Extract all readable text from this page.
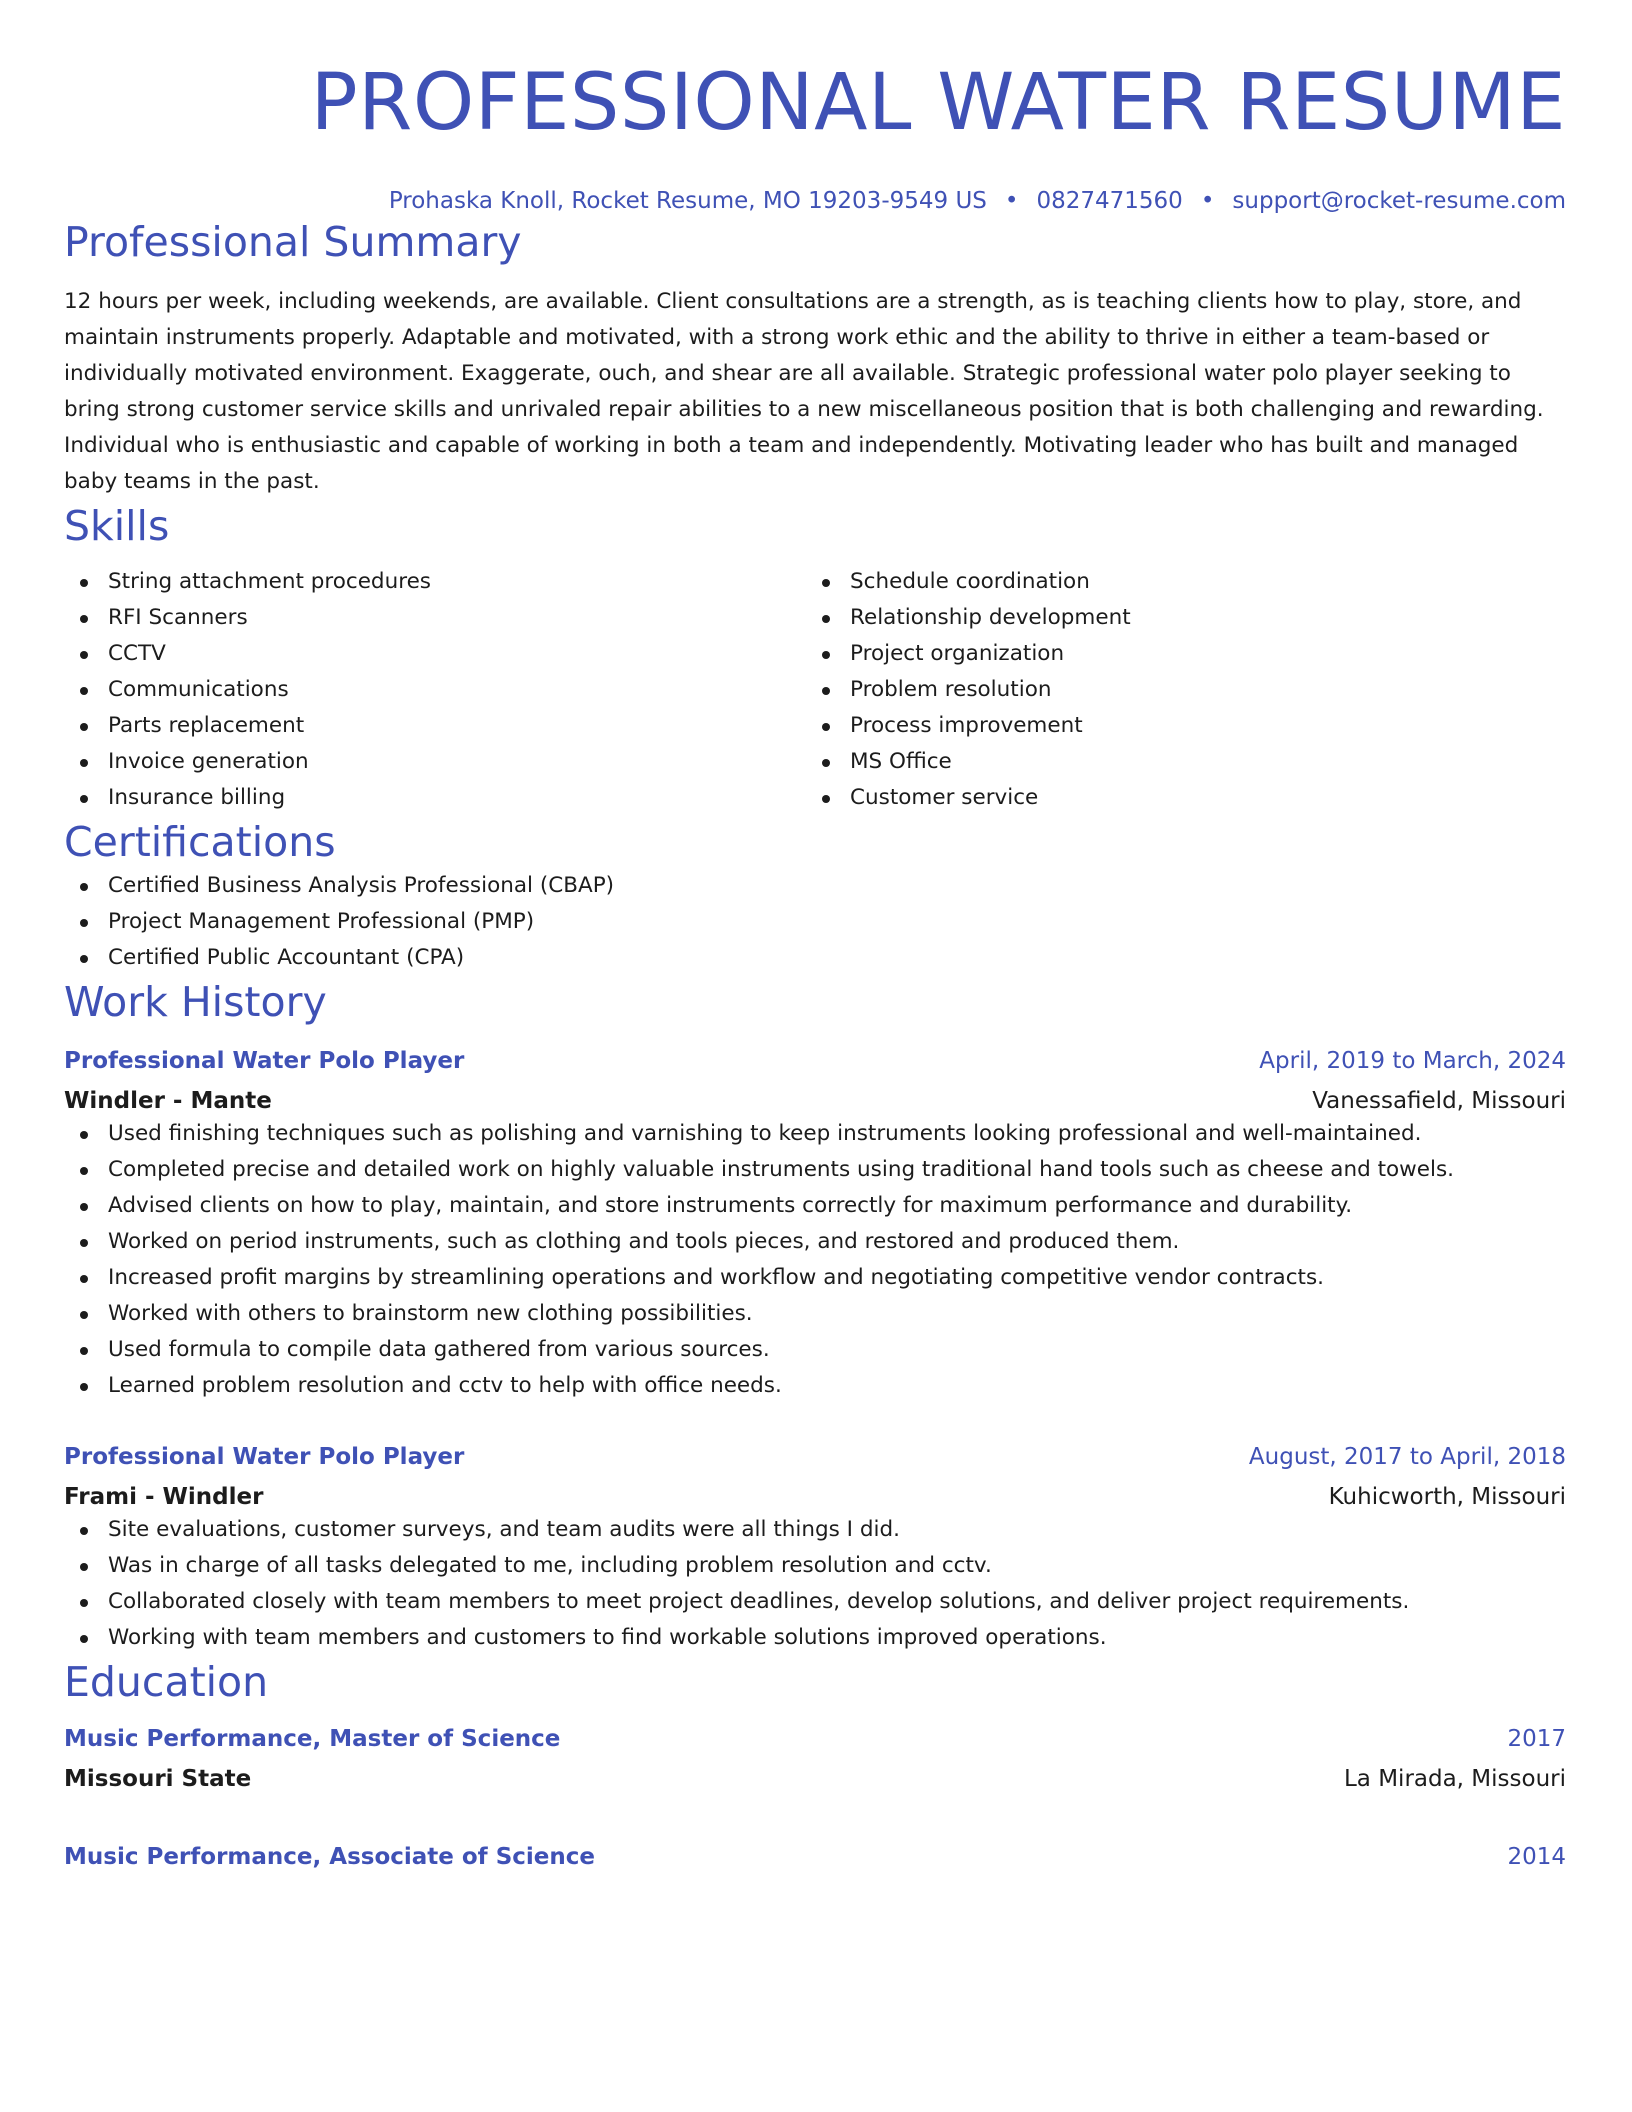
PROFESSIONAL WATER RESUME
Prohaska Knoll, Rocket Resume, MO 19203-9549 US • 0827471560 • support@rocket-resume.com
Professional Summary

12 hours per week, including weekends, are available. Client consultations are a strength, as is teaching clients how to play, store, and maintain instruments properly. Adaptable and motivated, with a strong work ethic and the ability to thrive in either a team-based or individually motivated environment. Exaggerate, ouch, and shear are all available. Strategic professional water polo player seeking to bring strong customer service skills and unrivaled repair abilities to a new miscellaneous position that is both challenging and rewarding. Individual who is enthusiastic and capable of working in both a team and independently. Motivating leader who has built and managed baby teams in the past.

Skills
String attachment procedures
RFI Scanners
CCTV
Communications
Parts replacement
Invoice generation
Insurance billing
Schedule coordination
Relationship development
Project organization
Problem resolution
Process improvement
MS Office
Customer service
Certifications
Certified Business Analysis Professional (CBAP)
Project Management Professional (PMP)
Certified Public Accountant (CPA)
Work History
Professional Water Polo Player	April, 2019 to March, 2024
Windler - Mante	Vanessafield, Missouri
Used finishing techniques such as polishing and varnishing to keep instruments looking professional and well-maintained.
Completed precise and detailed work on highly valuable instruments using traditional hand tools such as cheese and towels.
Advised clients on how to play, maintain, and store instruments correctly for maximum performance and durability.
Worked on period instruments, such as clothing and tools pieces, and restored and produced them.
Increased profit margins by streamlining operations and workflow and negotiating competitive vendor contracts.
Worked with others to brainstorm new clothing possibilities.
Used formula to compile data gathered from various sources.
Learned problem resolution and cctv to help with office needs.
Professional Water Polo Player	August, 2017 to April, 2018
Frami - Windler	Kuhicworth, Missouri
Site evaluations, customer surveys, and team audits were all things I did.
Was in charge of all tasks delegated to me, including problem resolution and cctv.
Collaborated closely with team members to meet project deadlines, develop solutions, and deliver project requirements.
Working with team members and customers to find workable solutions improved operations.
Education
Music Performance, Master of Science	2017
Missouri State	La Mirada, Missouri
Music Performance, Associate of Science	2014
